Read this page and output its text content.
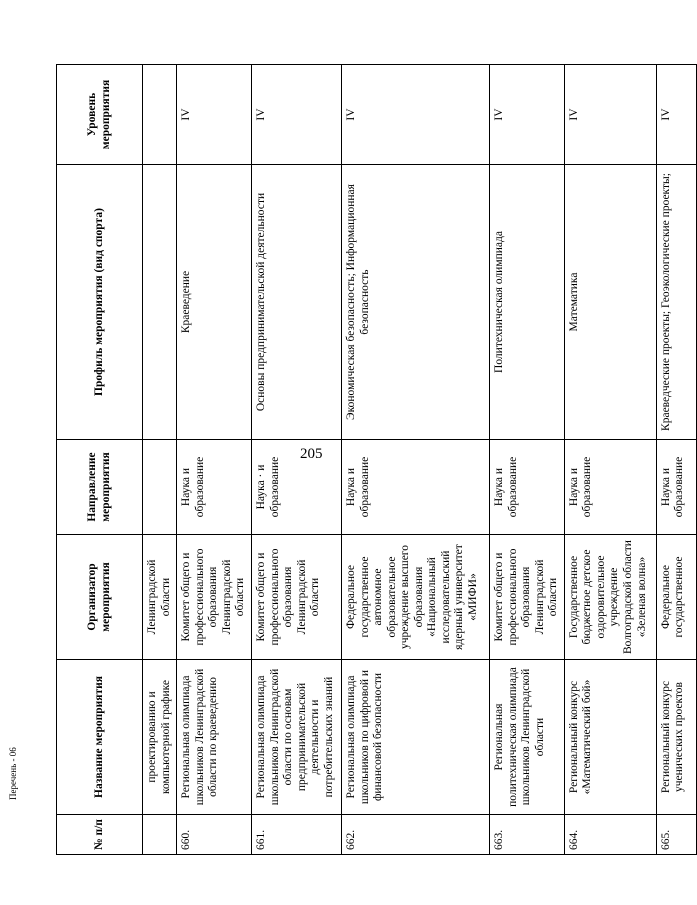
205
Перечень - 06
№ п/п	Название мероприятия	Организатор мероприятия	Направление мероприятия	Профиль мероприятия (вид спорта)	Уровень мероприятия
	проектированию и компьютерной графике	Ленинградской области			
660.	Региональная олимпиада школьников Ленинградской области по краеведению	Комитет общего и профессионального образования Ленинградской области	Наука и образование	Краеведение	IV
661.	Региональная олимпиада школьников Ленинградской области по основам предпринимательской деятельности и потребительских знаний	Комитет общего и профессионального образования Ленинградской области	Наука · и образование	Основы предпринимательской деятельности	IV
662.	Региональная олимпиада школьников по цифровой и финансовой безопасности	Федеральное государственное автономное образовательное учреждение высшего образования «Национальный исследовательский ядерный университет «МИФИ»	Наука и образование	Экономическая безопасность; Информационная безопасность	IV
663.	Региональная политехническая олимпиада школьников Ленинградской области	Комитет общего и профессионального образования Ленинградской области	Наука и образование	Политехническая олимпиада	IV
664.	Региональный конкурс «Математический бой»	Государственное бюджетное детское оздоровительное учреждение Волгоградской области «Зеленая волна»	Наука и образование	Математика	IV
665.	Региональный конкурс ученических проектов	Федеральное государственное	Наука и образование	Краеведческие проекты; Геоэкологические проекты;	IV
